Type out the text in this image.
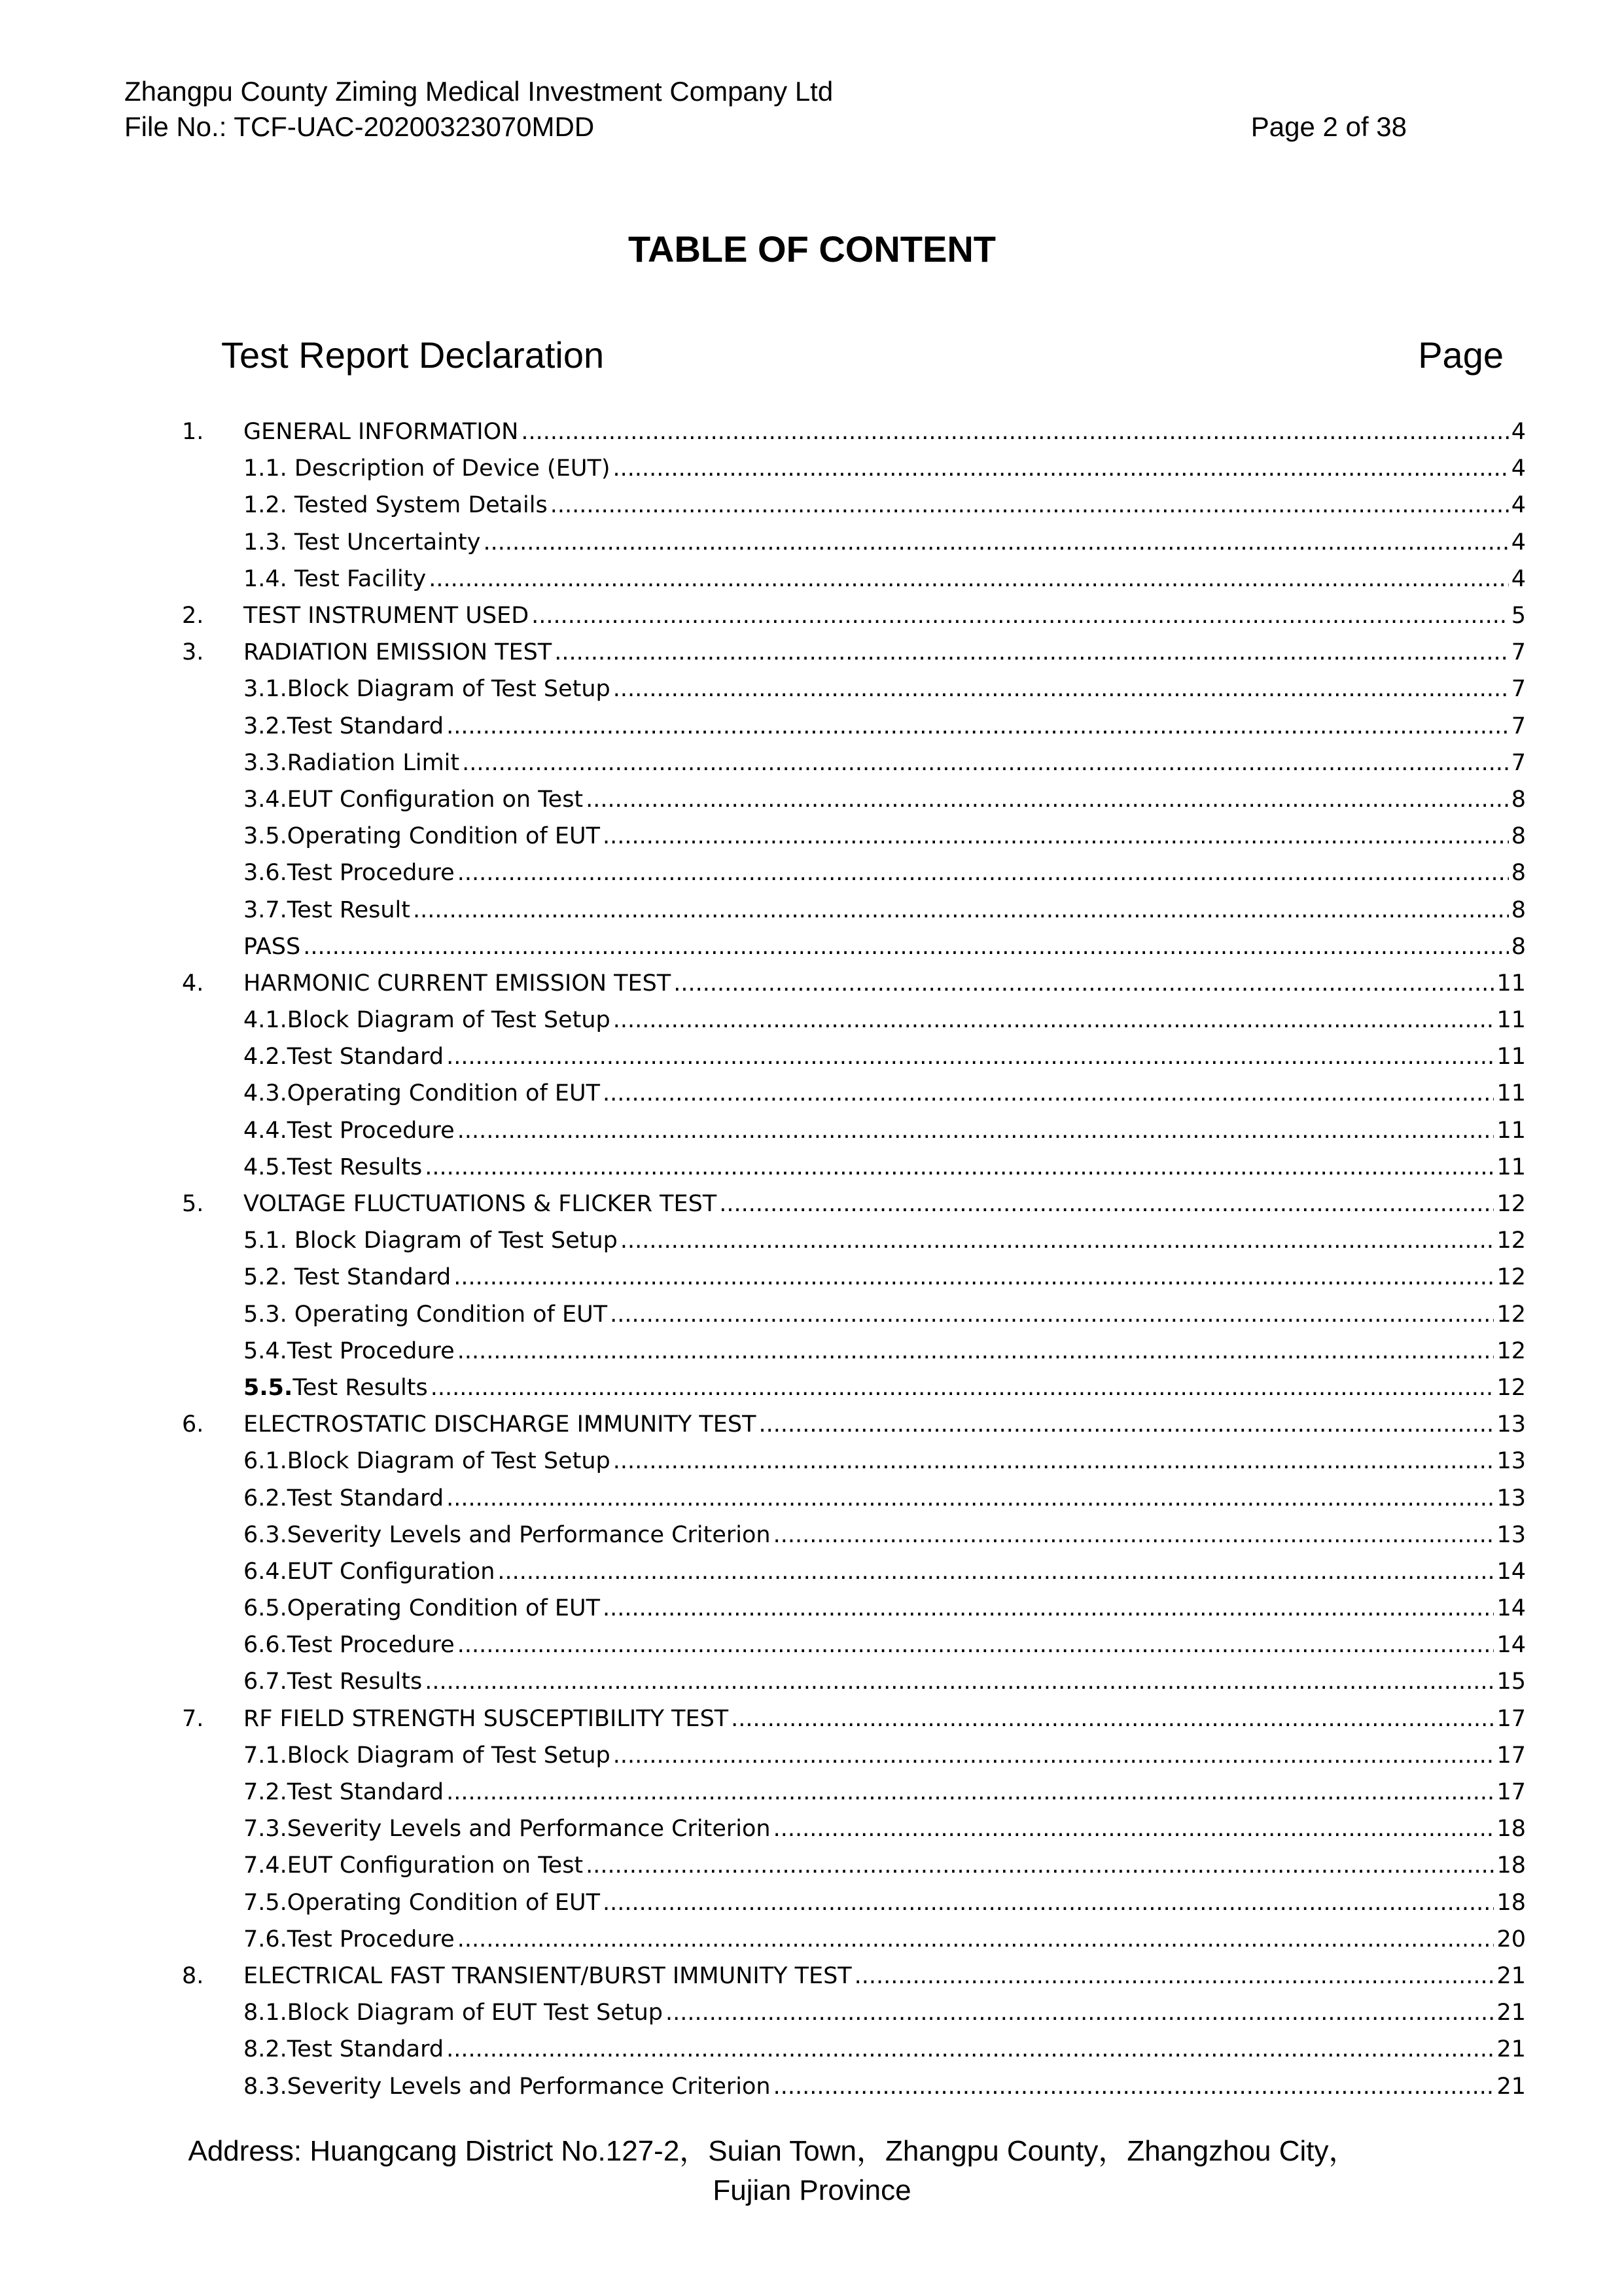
Zhangpu County Ziming Medical Investment Company Ltd
File No.: TCF-UAC-20200323070MDD	Page 2 of 38
TABLE OF CONTENT
Test Report Declaration	Page
1. GENERAL INFORMATION .....	4
1.1. Description of Device (EUT) .....	4
1.2. Tested System Details .....	4
1.3. Test Uncertainty .....	4
1.4. Test Facility .....	4
2. TEST INSTRUMENT USED .....	5
3. RADIATION EMISSION TEST .....	7
3.1.Block Diagram of Test Setup .....	7
3.2.Test Standard .....	7
3.3.Radiation Limit .....	7
3.4.EUT Configuration on Test .....	8
3.5.Operating Condition of EUT .....	8
3.6.Test Procedure .....	8
3.7.Test Result .....	8
PASS .....	8
4. HARMONIC CURRENT EMISSION TEST .....	11
4.1.Block Diagram of Test Setup .....	11
4.2.Test Standard .....	11
4.3.Operating Condition of EUT .....	11
4.4.Test Procedure .....	11
4.5.Test Results .....	11
5. VOLTAGE FLUCTUATIONS & FLICKER TEST .....	12
5.1. Block Diagram of Test Setup .....	12
5.2. Test Standard .....	12
5.3. Operating Condition of EUT .....	12
5.4.Test Procedure .....	12
5.5.Test Results .....	12
6. ELECTROSTATIC DISCHARGE IMMUNITY TEST .....	13
6.1.Block Diagram of Test Setup .....	13
6.2.Test Standard .....	13
6.3.Severity Levels and Performance Criterion .....	13
6.4.EUT Configuration .....	14
6.5.Operating Condition of EUT .....	14
6.6.Test Procedure .....	14
6.7.Test Results .....	15
7. RF FIELD STRENGTH SUSCEPTIBILITY TEST .....	17
7.1.Block Diagram of Test Setup .....	17
7.2.Test Standard .....	17
7.3.Severity Levels and Performance Criterion .....	18
7.4.EUT Configuration on Test .....	18
7.5.Operating Condition of EUT .....	18
7.6.Test Procedure .....	20
8. ELECTRICAL FAST TRANSIENT/BURST IMMUNITY TEST .....	21
8.1.Block Diagram of EUT Test Setup .....	21
8.2.Test Standard .....	21
8.3.Severity Levels and Performance Criterion .....	21
Address: Huangcang District No.127-2，Suian Town，Zhangpu County，Zhangzhou City，
Fujian Province
